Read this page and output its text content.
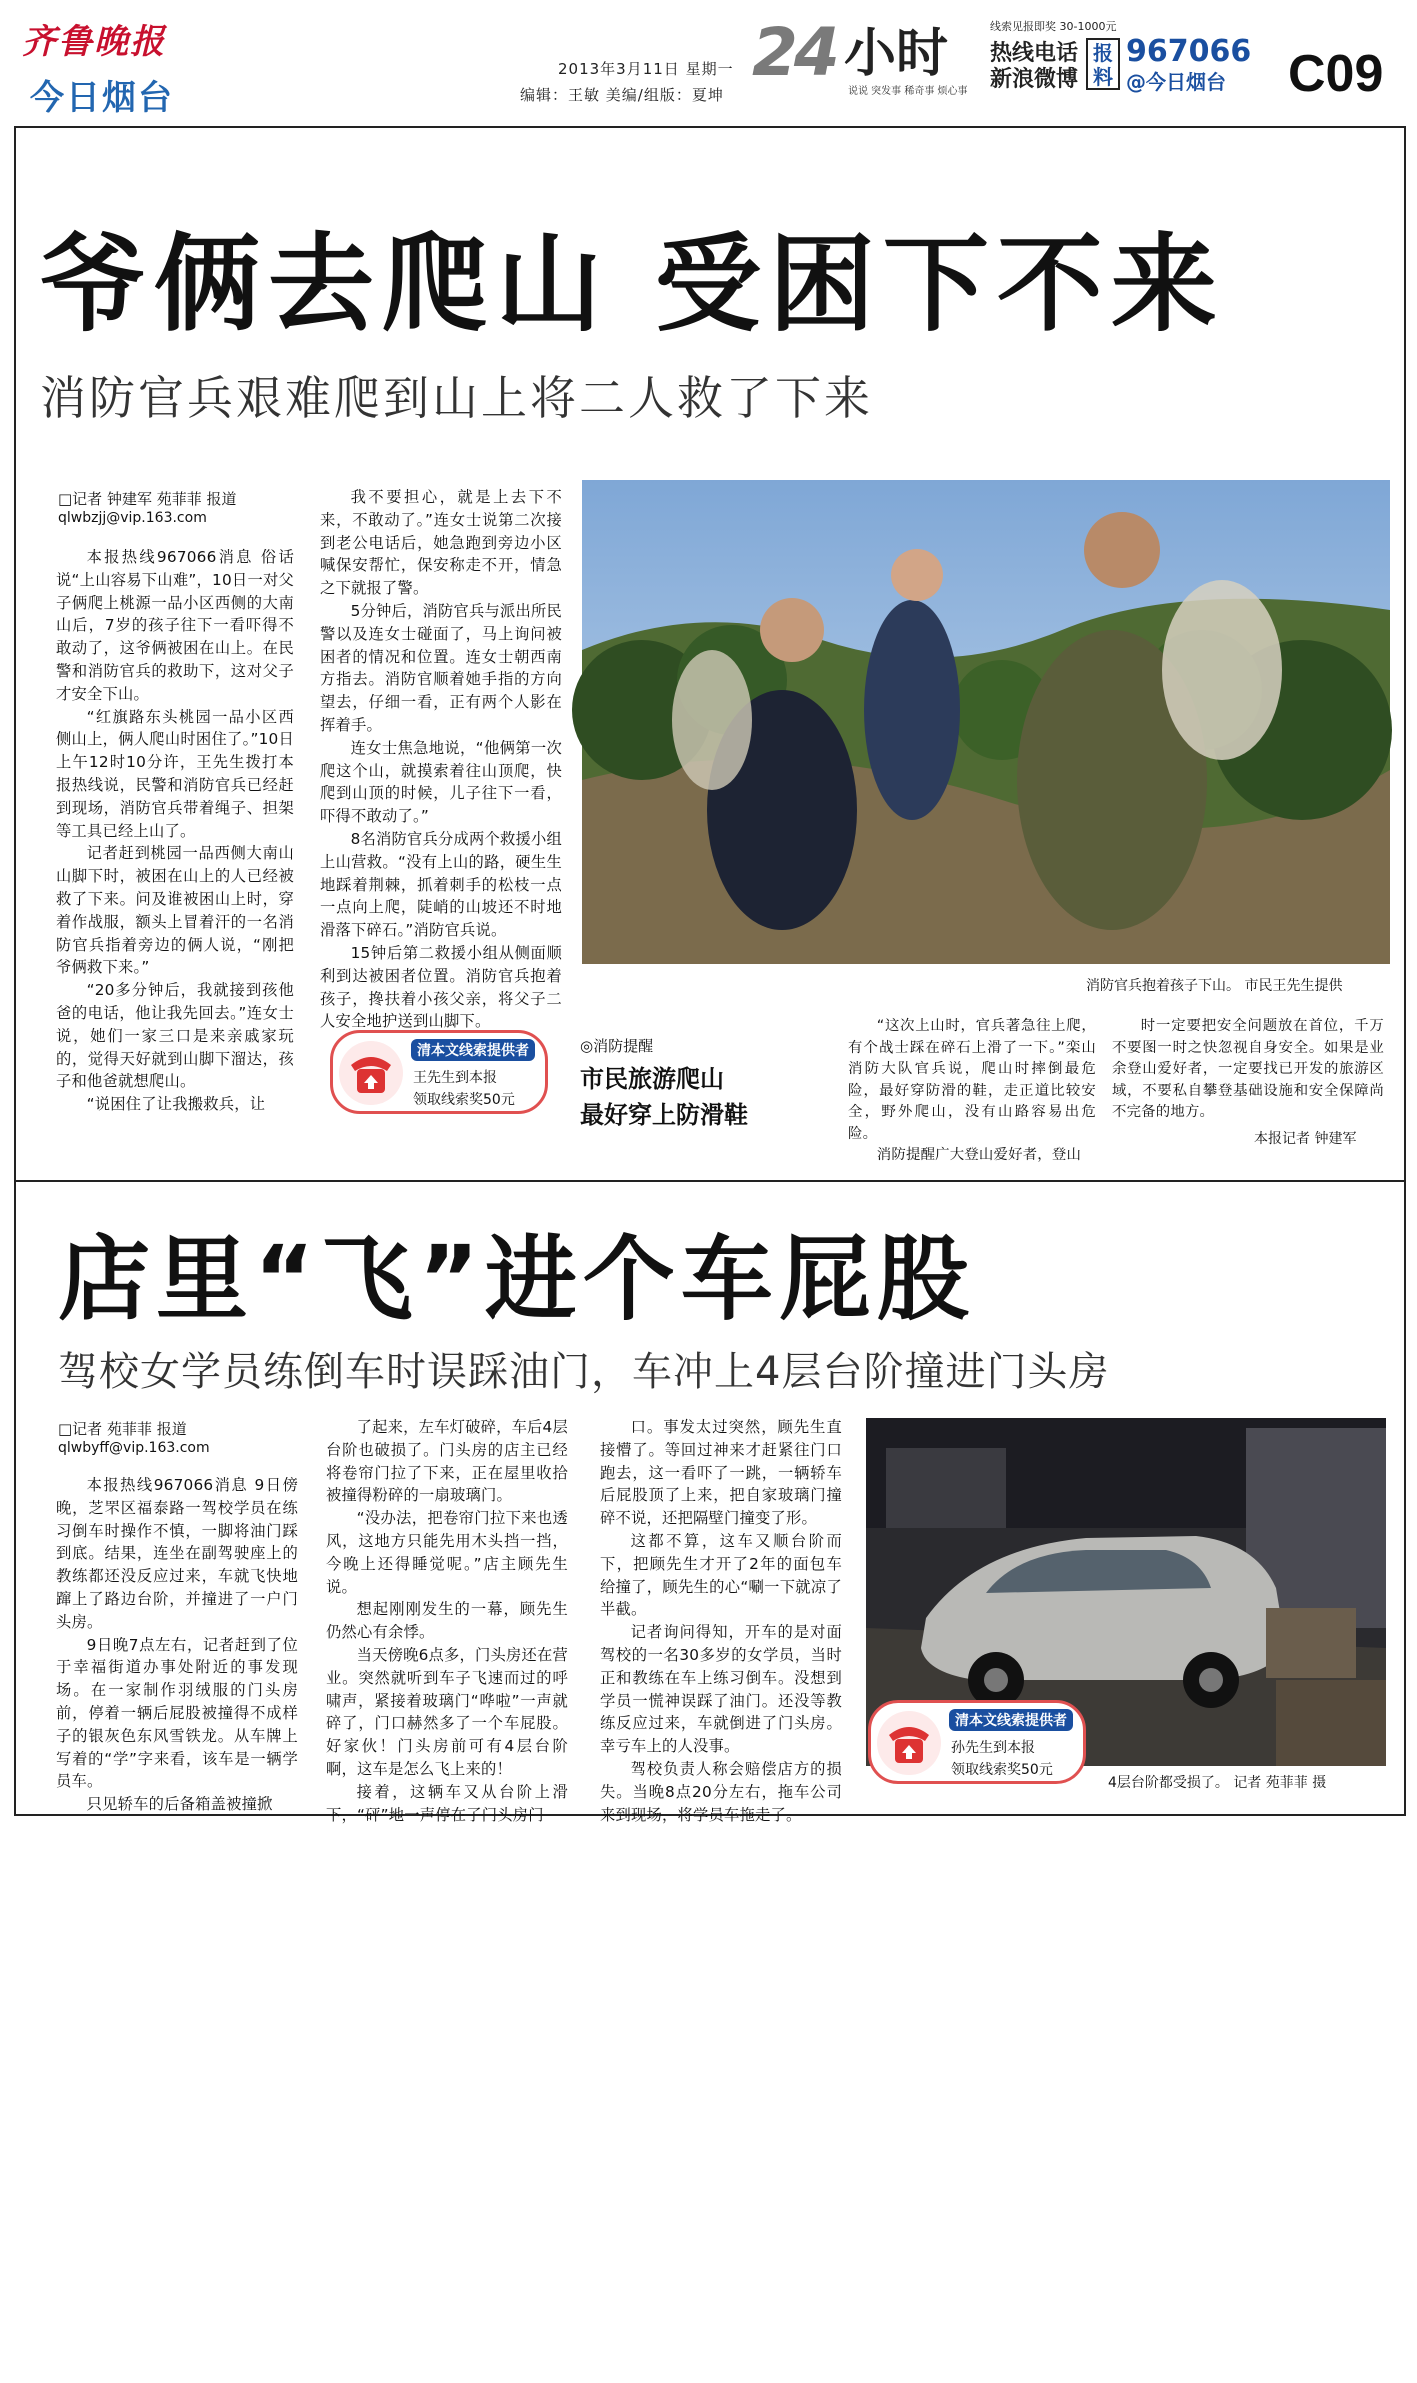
齐鲁晚报
今日烟台
2013年3月11日 星期一
编辑：王敏 美编/组版：夏坤
24 小时
说说 突发事 稀奇事 烦心事
线索见报即奖 30-1000元
热线电话
新浪微博
报料
967066
@今日烟台 C09
爷俩去爬山 受困下不来
消防官兵艰难爬到山上将二人救了下来
□记者 钟建军 苑菲菲 报道
qlwbzjj@vip.163.com

本报热线967066消息 俗话说“上山容易下山难”，10日一对父子俩爬上桃源一品小区西侧的大南山后，7岁的孩子往下一看吓得不敢动了，这爷俩被困在山上。在民警和消防官兵的救助下，这对父子才安全下山。

“红旗路东头桃园一品小区西侧山上，俩人爬山时困住了。”10日上午12时10分许，王先生拨打本报热线说，民警和消防官兵已经赶到现场，消防官兵带着绳子、担架等工具已经上山了。

记者赶到桃园一品西侧大南山山脚下时，被困在山上的人已经被救了下来。问及谁被困山上时，穿着作战服，额头上冒着汗的一名消防官兵指着旁边的俩人说，“刚把爷俩救下来。”

“20多分钟后，我就接到孩他爸的电话，他让我先回去。”连女士说，她们一家三口是来亲戚家玩的，觉得天好就到山脚下溜达，孩子和他爸就想爬山。

“说困住了让我搬救兵，让

我不要担心，就是上去下不来，不敢动了。”连女士说第二次接到老公电话后，她急跑到旁边小区喊保安帮忙，保安称走不开，情急之下就报了警。

5分钟后，消防官兵与派出所民警以及连女士碰面了，马上询问被困者的情况和位置。连女士朝西南方指去。消防官顺着她手指的方向望去，仔细一看，正有两个人影在挥着手。

连女士焦急地说，“他俩第一次爬这个山，就摸索着往山顶爬，快爬到山顶的时候，儿子往下一看，吓得不敢动了。”

8名消防官兵分成两个救援小组上山营救。“没有上山的路，硬生生地踩着荆棘，抓着刺手的松枝一点一点向上爬，陡峭的山坡还不时地滑落下碎石。”消防官兵说。

15钟后第二救援小组从侧面顺利到达被困者位置。消防官兵抱着孩子，搀扶着小孩父亲，将父子二人安全地护送到山脚下。

消防官兵抱着孩子下山。 市民王先生提供
清本文线索提供者
王先生到本报
领取线索奖50元
◎消防提醒
市民旅游爬山
最好穿上防滑鞋

“这次上山时，官兵著急往上爬，有个战士踩在碎石上滑了一下。”栾山消防大队官兵说，爬山时摔倒最危险，最好穿防滑的鞋，走正道比较安全，野外爬山，没有山路容易出危险。

消防提醒广大登山爱好者，登山

时一定要把安全问题放在首位，千万不要图一时之快忽视自身安全。如果是业余登山爱好者，一定要找已开发的旅游区域，不要私自攀登基础设施和安全保障尚不完备的地方。

本报记者 钟建军
店里“飞”进个车屁股
驾校女学员练倒车时误踩油门，车冲上4层台阶撞进门头房
□记者 苑菲菲 报道
qlwbyff@vip.163.com

本报热线967066消息 9日傍晚，芝罘区福泰路一驾校学员在练习倒车时操作不慎，一脚将油门踩到底。结果，连坐在副驾驶座上的教练都还没反应过来，车就飞快地蹿上了路边台阶，并撞进了一户门头房。

9日晚7点左右，记者赶到了位于幸福街道办事处附近的事发现场。在一家制作羽绒服的门头房前，停着一辆后屁股被撞得不成样子的银灰色东风雪铁龙。从车牌上写着的“学”字来看，该车是一辆学员车。

只见轿车的后备箱盖被撞掀

了起来，左车灯破碎，车后4层台阶也破损了。门头房的店主已经将卷帘门拉了下来，正在屋里收拾被撞得粉碎的一扇玻璃门。

“没办法，把卷帘门拉下来也透风，这地方只能先用木头挡一挡，今晚上还得睡觉呢。”店主顾先生说。

想起刚刚发生的一幕，顾先生仍然心有余悸。

当天傍晚6点多，门头房还在营业。突然就听到车子飞速而过的呼啸声，紧接着玻璃门“哗啦”一声就碎了，门口赫然多了一个车屁股。好家伙！门头房前可有4层台阶啊，这车是怎么飞上来的！

接着，这辆车又从台阶上滑下，“砰”地一声停在了门头房门

口。事发太过突然，顾先生直接懵了。等回过神来才赶紧往门口跑去，这一看吓了一跳，一辆轿车后屁股顶了上来，把自家玻璃门撞碎不说，还把隔壁门撞变了形。

这都不算，这车又顺台阶而下，把顾先生才开了2年的面包车给撞了，顾先生的心“唰一下就凉了半截。

记者询问得知，开车的是对面驾校的一名30多岁的女学员，当时正和教练在车上练习倒车。没想到学员一慌神误踩了油门。还没等教练反应过来，车就倒进了门头房。幸亏车上的人没事。

驾校负责人称会赔偿店方的损失。当晚8点20分左右，拖车公司来到现场，将学员车拖走了。

4层台阶都受损了。 记者 苑菲菲 摄
清本文线索提供者
孙先生到本报
领取线索奖50元
